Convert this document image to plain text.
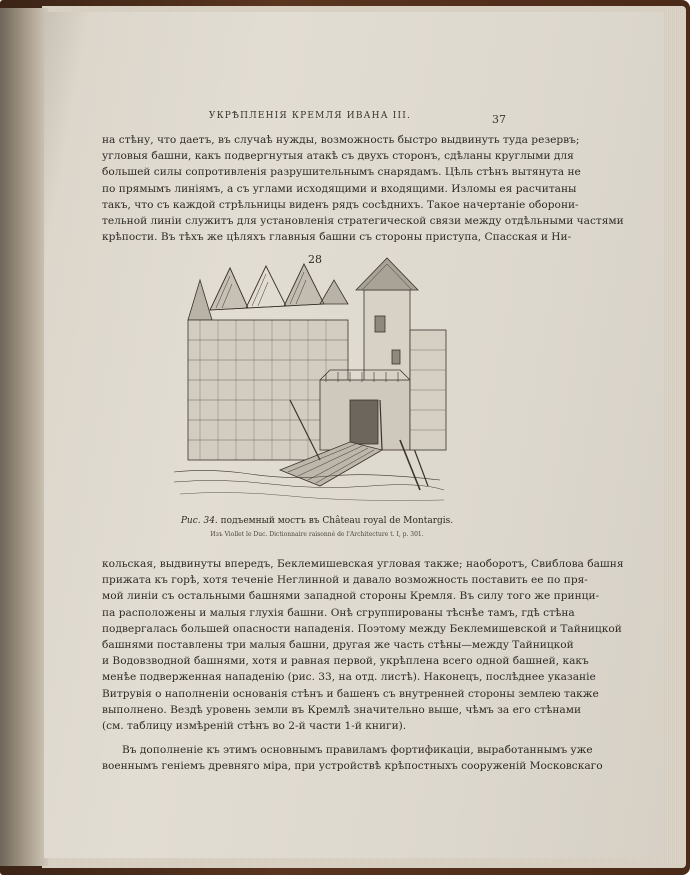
УКРѢПЛЕНІЯ КРЕМЛЯ ИВАНА III.	37
на стѣну, что даетъ, въ случаѣ нужды, возможность быстро выдвинуть туда резервъ;
угловыя башни, какъ подвергнутыя атакѣ съ двухъ сторонъ, сдѣланы круглыми для
большей силы сопротивленія разрушительнымъ снарядамъ. Цѣль стѣнъ вытянута не
по прямымъ линіямъ, а съ углами исходящими и входящими. Изломы ея расчитаны
такъ, что съ каждой стрѣльницы виденъ рядъ сосѣднихъ. Такое начертаніе оборони-
тельной линіи служитъ для установленія стратегической связи между отдѣльными частями
крѣпости. Въ тѣхъ же цѣляхъ главныя башни съ стороны приступа, Спасская и Ни-
28
Рис. 34. подъемный мостъ въ Château royal de Montargis.
Изъ Viollet le Duc. Dictionnaire raisonné de l'Architecture t. I, p. 301.
кольская, выдвинуты впередъ, Беклемишевская угловая также; наоборотъ, Свиблова башня
прижата къ горѣ, хотя теченіе Неглинной и давало возможность поставить ее по пря-
мой линіи съ остальными башнями западной стороны Кремля. Въ силу того же принци-
па расположены и малыя глухія башни. Онѣ сгруппированы тѣснѣе тамъ, гдѣ стѣна
подвергалась большей опасности нападенія. Поэтому между Беклемишевской и Тайницкой
башнями поставлены три малыя башни, другая же часть стѣны—между Тайницкой
и Водовзводной башнями, хотя и равная первой, укрѣплена всего одной башней, какъ
менѣе подверженная нападенію (рис. 33, на отд. листѣ). Наконецъ, послѣднее указаніе
Витрувія о наполненіи основанія стѣнъ и башенъ съ внутренней стороны землею также
выполнено. Вездѣ уровень земли въ Кремлѣ значительно выше, чѣмъ за его стѣнами
(см. таблицу измѣреній стѣнъ во 2-й части 1-й книги).
Въ дополненіе къ этимъ основнымъ правиламъ фортификаціи, выработаннымъ уже
военнымъ геніемъ древняго міра, при устройствѣ крѣпостныхъ сооруженій Московскаго
